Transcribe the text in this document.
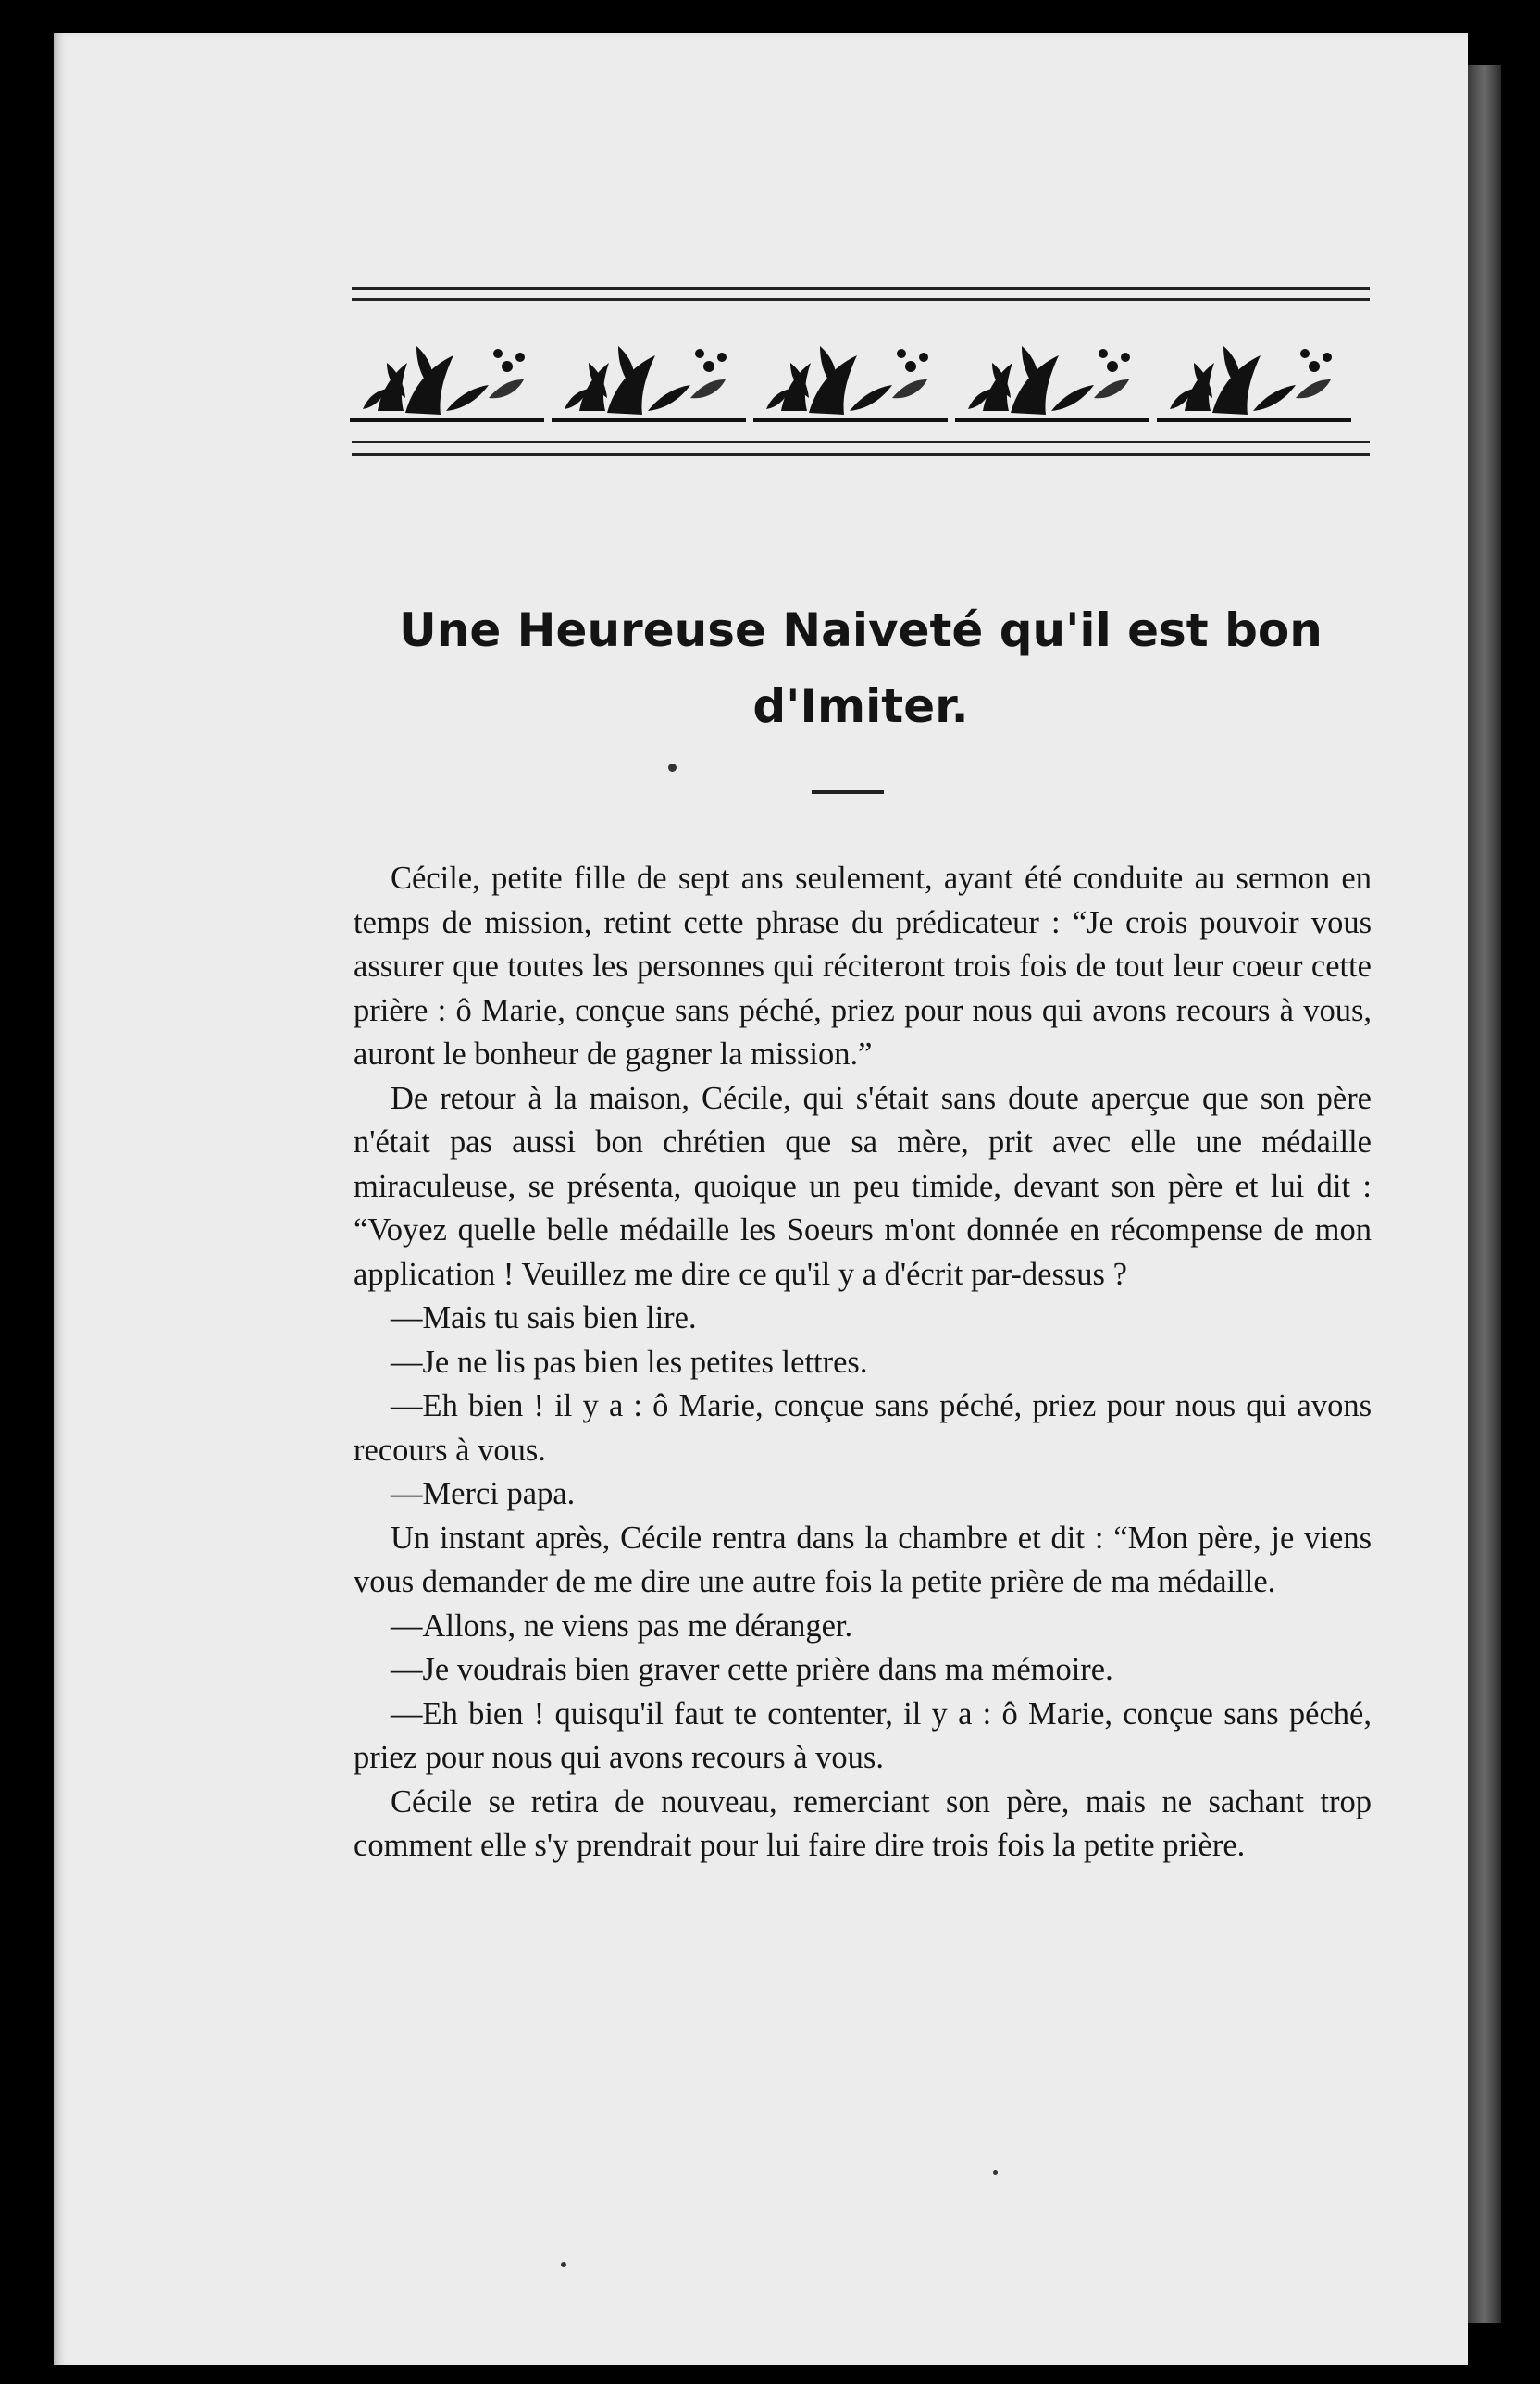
Une Heureuse Naiveté qu'il est bon d'Imiter.

Cécile, petite fille de sept ans seulement, ayant été conduite au sermon en temps de mission, retint cette phrase du prédicateur : “Je crois pouvoir vous assurer que toutes les personnes qui réciteront trois fois de tout leur coeur cette prière : ô Marie, conçue sans péché, priez pour nous qui avons recours à vous, auront le bonheur de gagner la mission.”

De retour à la maison, Cécile, qui s'était sans doute aperçue que son père n'était pas aussi bon chrétien que sa mère, prit avec elle une médaille miraculeuse, se présenta, quoique un peu timide, devant son père et lui dit : “Voyez quelle belle médaille les Soeurs m'ont donnée en récompense de mon application ! Veuillez me dire ce qu'il y a d'écrit par-dessus ?

—Mais tu sais bien lire.

—Je ne lis pas bien les petites lettres.

—Eh bien ! il y a : ô Marie, conçue sans péché, priez pour nous qui avons recours à vous.

—Merci papa.

Un instant après, Cécile rentra dans la chambre et dit : “Mon père, je viens vous demander de me dire une autre fois la petite prière de ma médaille.

—Allons, ne viens pas me déranger.

—Je voudrais bien graver cette prière dans ma mémoire.

—Eh bien ! quisqu'il faut te contenter, il y a : ô Marie, conçue sans péché, priez pour nous qui avons recours à vous.

Cécile se retira de nouveau, remerciant son père, mais ne sachant trop comment elle s'y prendrait pour lui faire dire trois fois la petite prière.
